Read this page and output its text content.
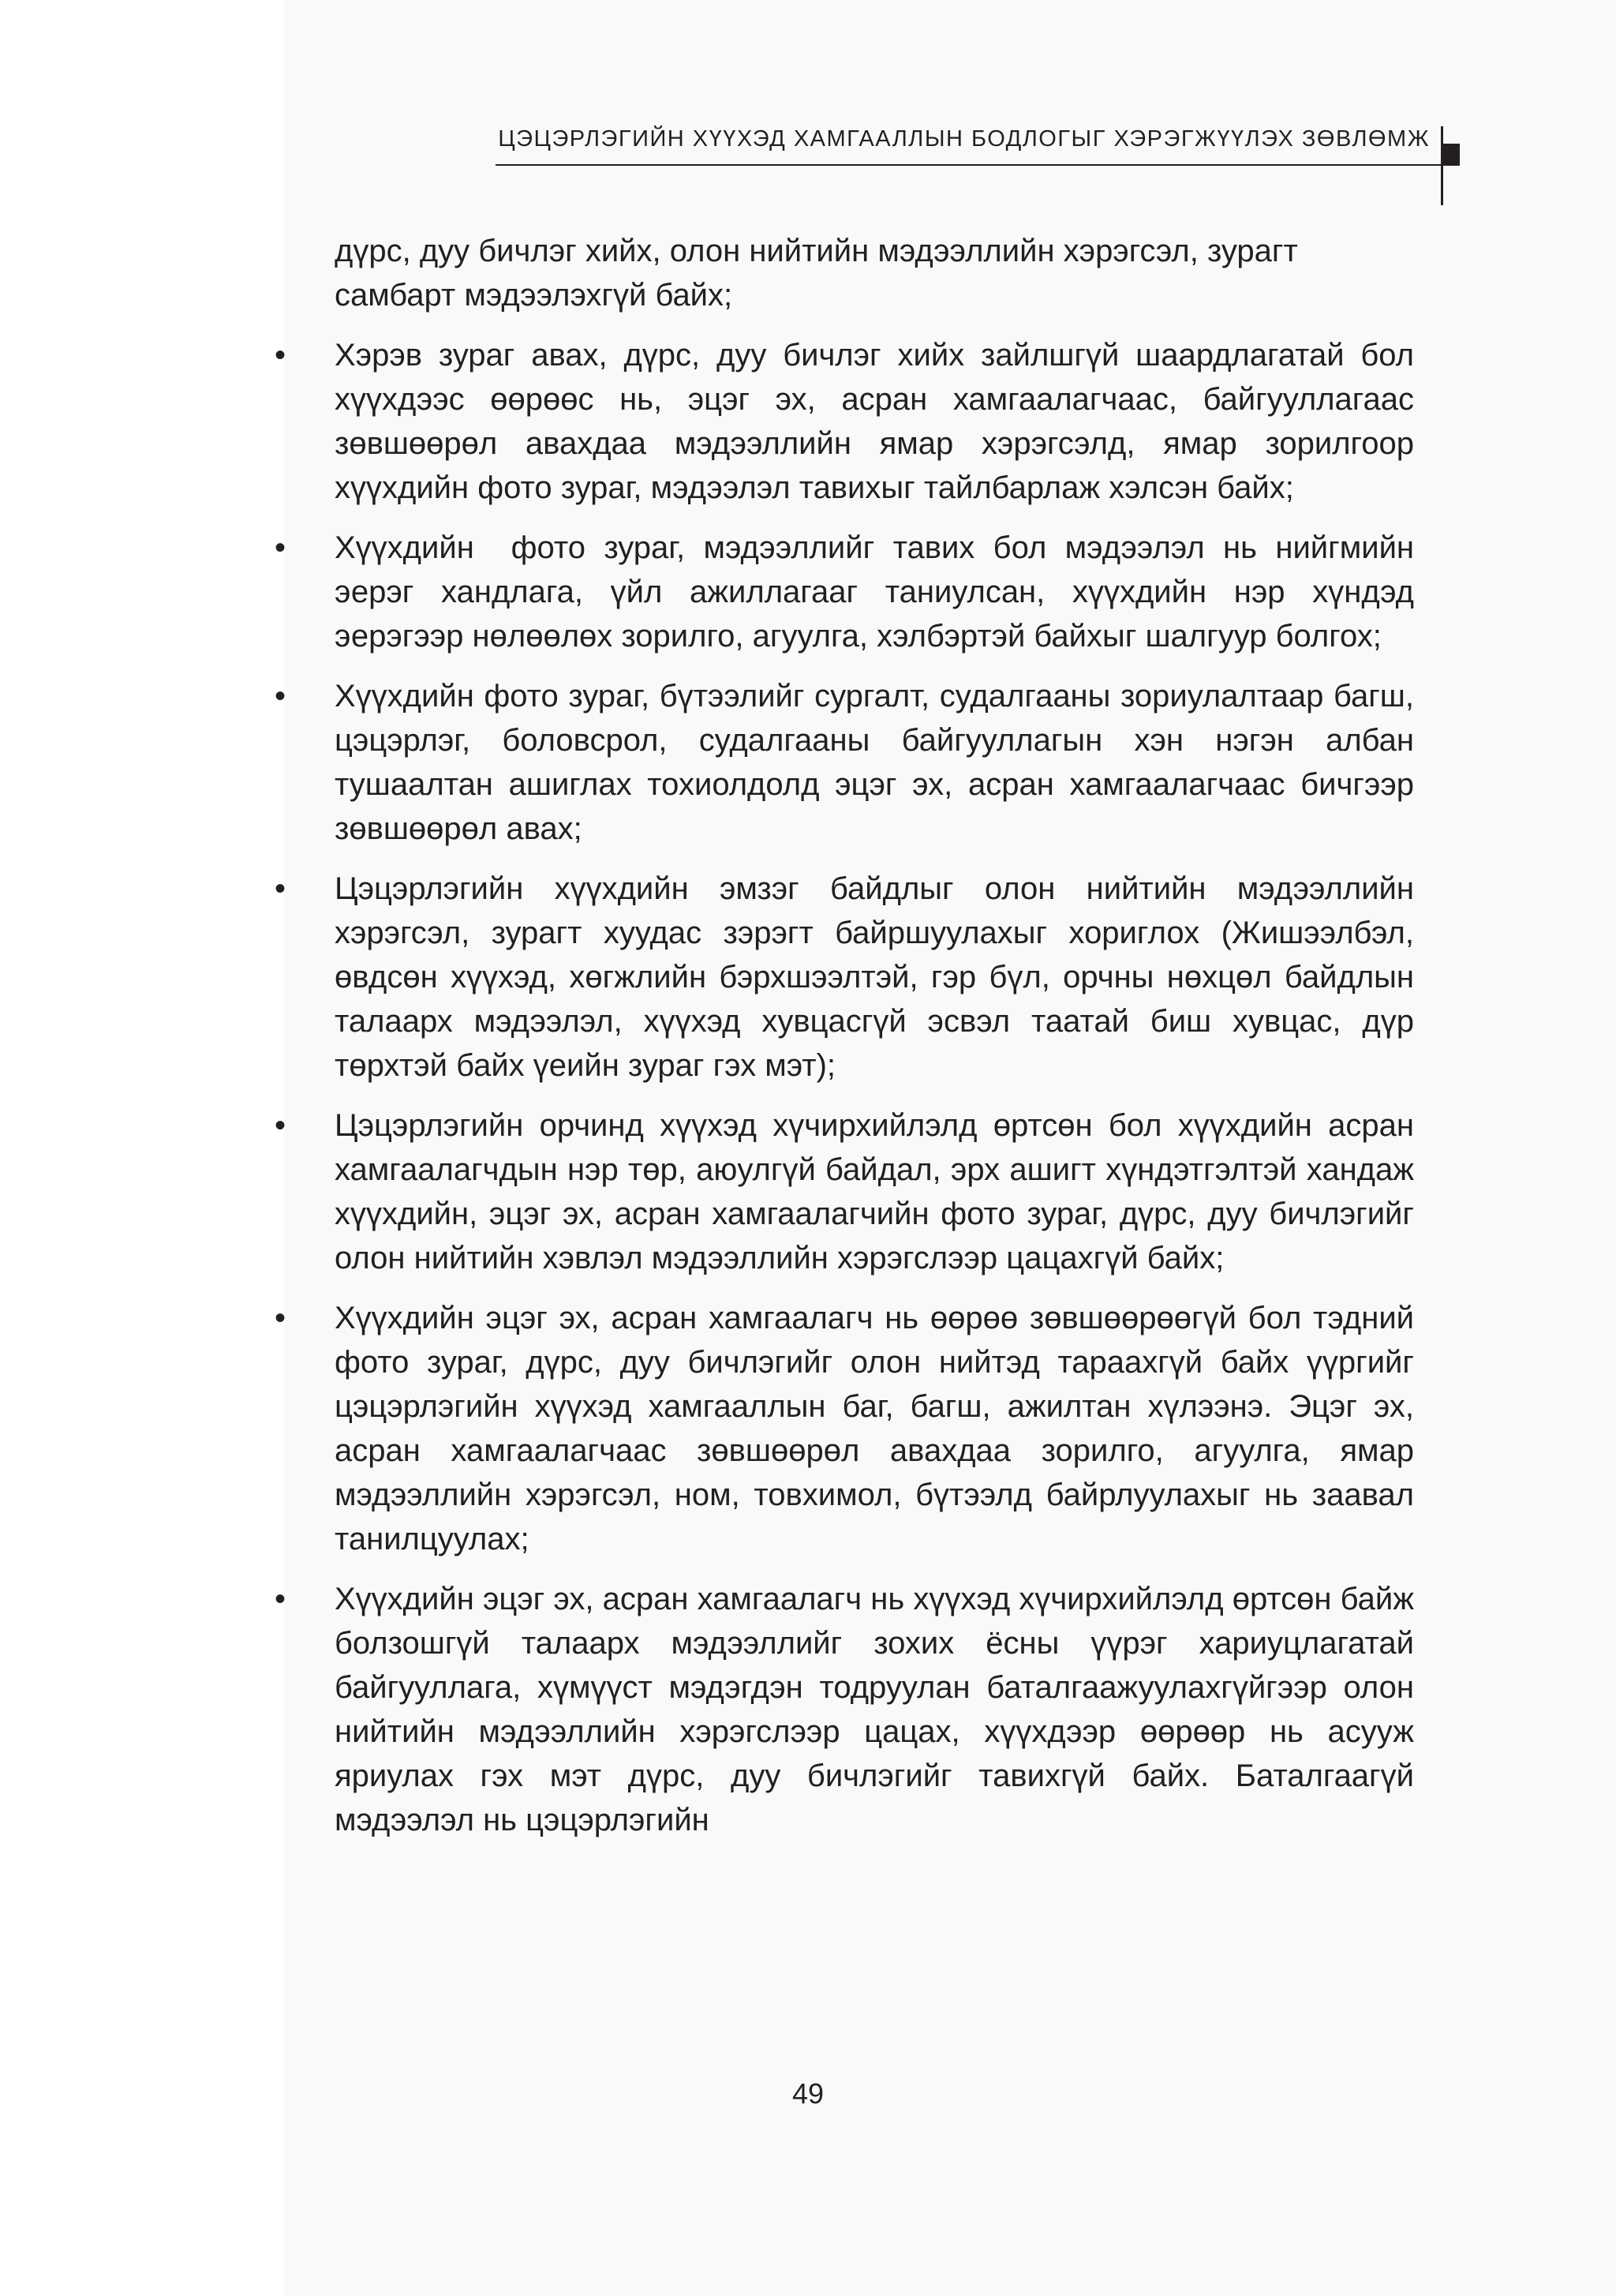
ЦЭЦЭРЛЭГИЙН ХҮҮХЭД ХАМГААЛЛЫН БОДЛОГЫГ ХЭРЭГЖҮҮЛЭХ ЗӨВЛӨМЖ

дүрс, дуу бичлэг хийх, олон нийтийн мэдээллийн хэрэгсэл, зурагт самбарт мэдээлэхгүй байх;

•	Хэрэв зураг авах, дүрс, дуу бичлэг хийх зайлшгүй шаардлагатай бол хүүхдээс өөрөөс нь, эцэг эх, асран хамгаалагчаас, байгууллагаас зөвшөөрөл авахдаа мэдээллийн ямар хэрэгсэлд, ямар зорилгоор хүүхдийн фото зураг, мэдээлэл тавихыг тайлбарлаж хэлсэн байх;
•	Хүүхдийн  фото зураг, мэдээллийг тавих бол мэдээлэл нь нийгмийн эерэг хандлага, үйл ажиллагааг таниулсан, хүүхдийн нэр хүндэд эерэгээр нөлөөлөх зорилго, агуулга, хэлбэртэй байхыг шалгуур болгох;
•	Хүүхдийн фото зураг, бүтээлийг сургалт, судалгааны зориулалтаар багш, цэцэрлэг, боловсрол, судалгааны байгууллагын хэн нэгэн албан тушаалтан ашиглах тохиолдолд эцэг эх, асран хамгаалагчаас бичгээр зөвшөөрөл авах;
•	Цэцэрлэгийн хүүхдийн эмзэг байдлыг олон нийтийн мэдээллийн хэрэгсэл, зурагт хуудас зэрэгт байршуулахыг хориглох (Жишээлбэл, өвдсөн хүүхэд, хөгжлийн бэрхшээлтэй, гэр бүл, орчны нөхцөл байдлын талаарх мэдээлэл, хүүхэд хувцасгүй эсвэл таатай биш хувцас, дүр төрхтэй байх үеийн зураг гэх мэт);
•	Цэцэрлэгийн орчинд хүүхэд хүчирхийлэлд өртсөн бол хүүхдийн асран хамгаалагчдын нэр төр, аюулгүй байдал, эрх ашигт хүндэтгэлтэй хандаж хүүхдийн, эцэг эх, асран хамгаалагчийн фото зураг, дүрс, дуу бичлэгийг олон нийтийн хэвлэл мэдээллийн хэрэгслээр цацахгүй байх;
•	Хүүхдийн эцэг эх, асран хамгаалагч нь өөрөө зөвшөөрөөгүй бол тэдний фото зураг, дүрс, дуу бичлэгийг олон нийтэд тараахгүй байх үүргийг цэцэрлэгийн хүүхэд хамгааллын баг, багш, ажилтан хүлээнэ. Эцэг эх, асран хамгаалагчаас зөвшөөрөл авахдаа зорилго, агуулга, ямар мэдээллийн хэрэгсэл, ном, товхимол, бүтээлд байрлуулахыг нь заавал танилцуулах;
•	Хүүхдийн эцэг эх, асран хамгаалагч нь хүүхэд хүчирхийлэлд өртсөн байж болзошгүй талаарх мэдээллийг зохих ёсны үүрэг хариуцлагатай байгууллага, хүмүүст мэдэгдэн тодруулан баталгаажуулахгүйгээр олон нийтийн мэдээллийн хэрэгслээр цацах, хүүхдээр өөрөөр нь асууж яриулах гэх мэт дүрс, дуу бичлэгийг тавихгүй байх. Баталгаагүй мэдээлэл нь цэцэрлэгийн
49
